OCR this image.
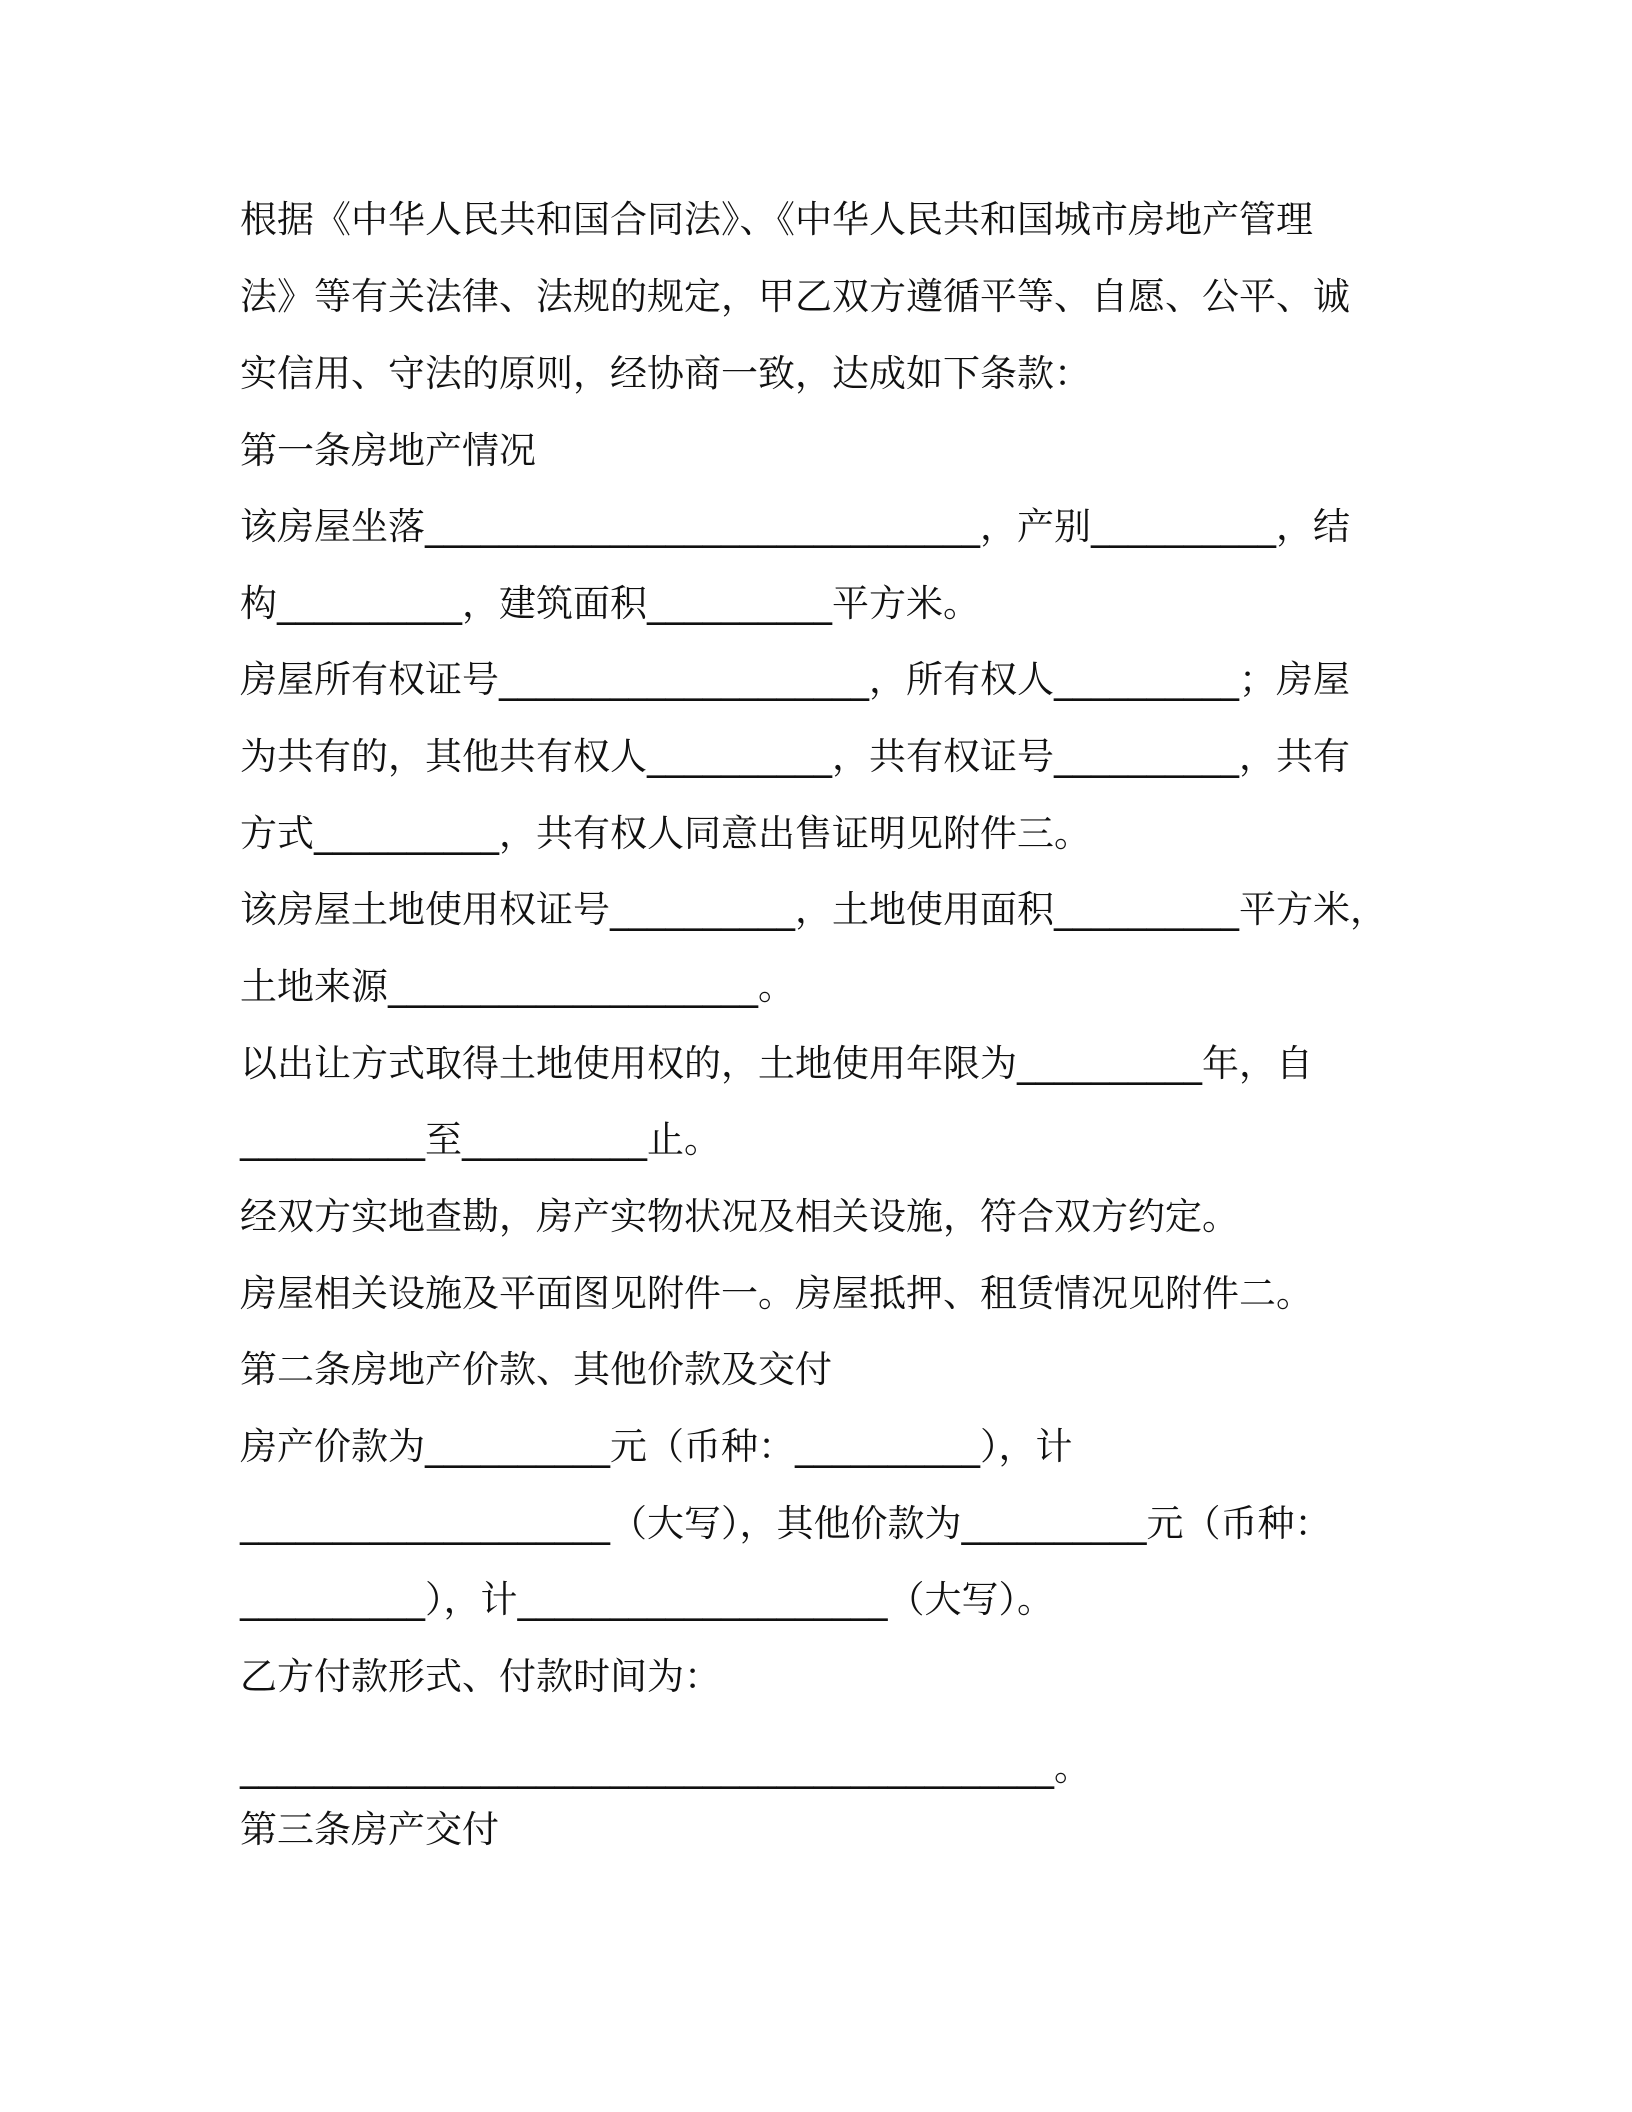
根据《中华人民共和国合同法》、《中华人民共和国城市房地产管理
法》等有关法律、法规的规定，甲乙双方遵循平等、自愿、公平、诚
实信用、守法的原则，经协商一致，达成如下条款：
第一条房地产情况
该房屋坐落______________________________，产别__________，结
构__________，建筑面积__________平方米。
房屋所有权证号____________________，所有权人__________；房屋
为共有的，其他共有权人__________，共有权证号__________，共有
方式__________，共有权人同意出售证明见附件三。
该房屋土地使用权证号__________，土地使用面积__________平方米，
土地来源____________________。
以出让方式取得土地使用权的，土地使用年限为__________年，自
__________至__________止。
经双方实地查勘，房产实物状况及相关设施，符合双方约定。
房屋相关设施及平面图见附件一。房屋抵押、租赁情况见附件二。
第二条房地产价款、其他价款及交付
房产价款为__________元（币种：__________），计
____________________（大写），其他价款为__________元（币种：
__________），计____________________（大写）。
乙方付款形式、付款时间为：
____________________________________________。
第三条房产交付
